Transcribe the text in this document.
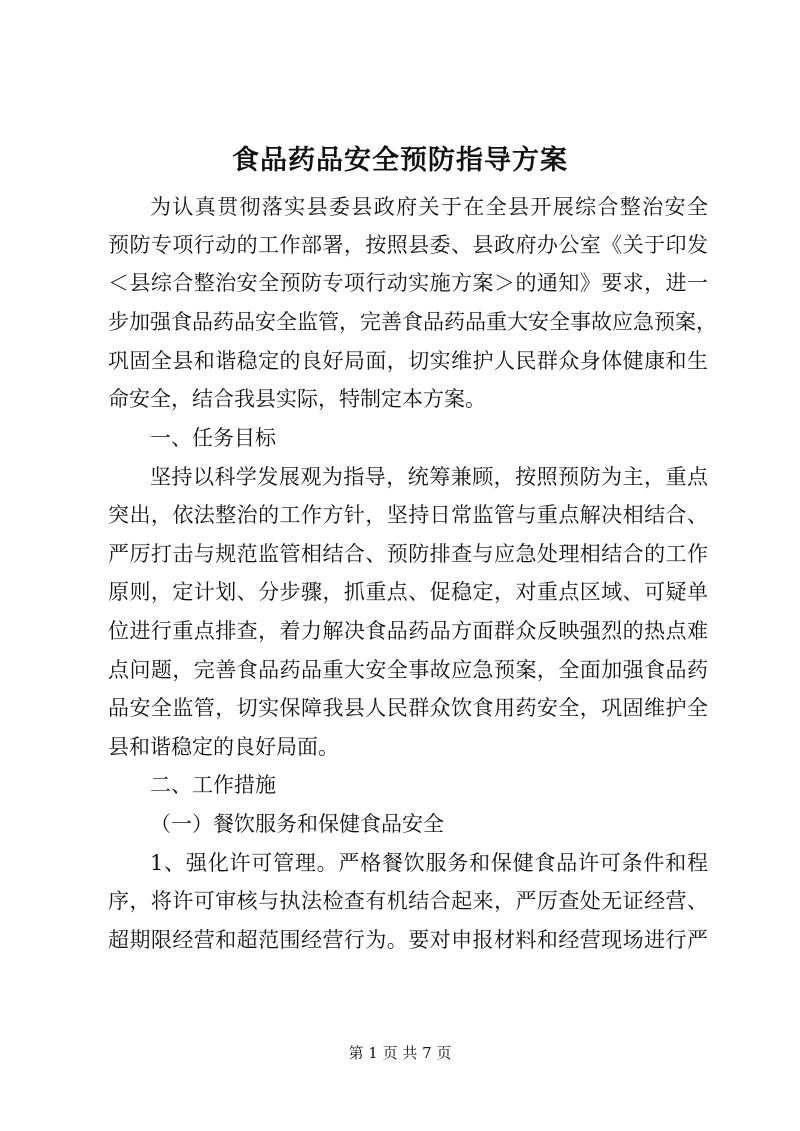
食品药品安全预防指导方案
为认真贯彻落实县委县政府关于在全县开展综合整治安全
预防专项行动的工作部署，按照县委、县政府办公室《关于印发
＜县综合整治安全预防专项行动实施方案＞的通知》要求，进一
步加强食品药品安全监管，完善食品药品重大安全事故应急预案，
巩固全县和谐稳定的良好局面，切实维护人民群众身体健康和生
命安全，结合我县实际，特制定本方案。
一、任务目标
坚持以科学发展观为指导，统筹兼顾，按照预防为主，重点
突出，依法整治的工作方针，坚持日常监管与重点解决相结合、
严厉打击与规范监管相结合、预防排查与应急处理相结合的工作
原则，定计划、分步骤，抓重点、促稳定，对重点区域、可疑单
位进行重点排查，着力解决食品药品方面群众反映强烈的热点难
点问题，完善食品药品重大安全事故应急预案，全面加强食品药
品安全监管，切实保障我县人民群众饮食用药安全，巩固维护全
县和谐稳定的良好局面。
二、工作措施
（一）餐饮服务和保健食品安全
1、强化许可管理。严格餐饮服务和保健食品许可条件和程
序，将许可审核与执法检查有机结合起来，严厉查处无证经营、
超期限经营和超范围经营行为。要对申报材料和经营现场进行严
第 1 页 共 7 页
